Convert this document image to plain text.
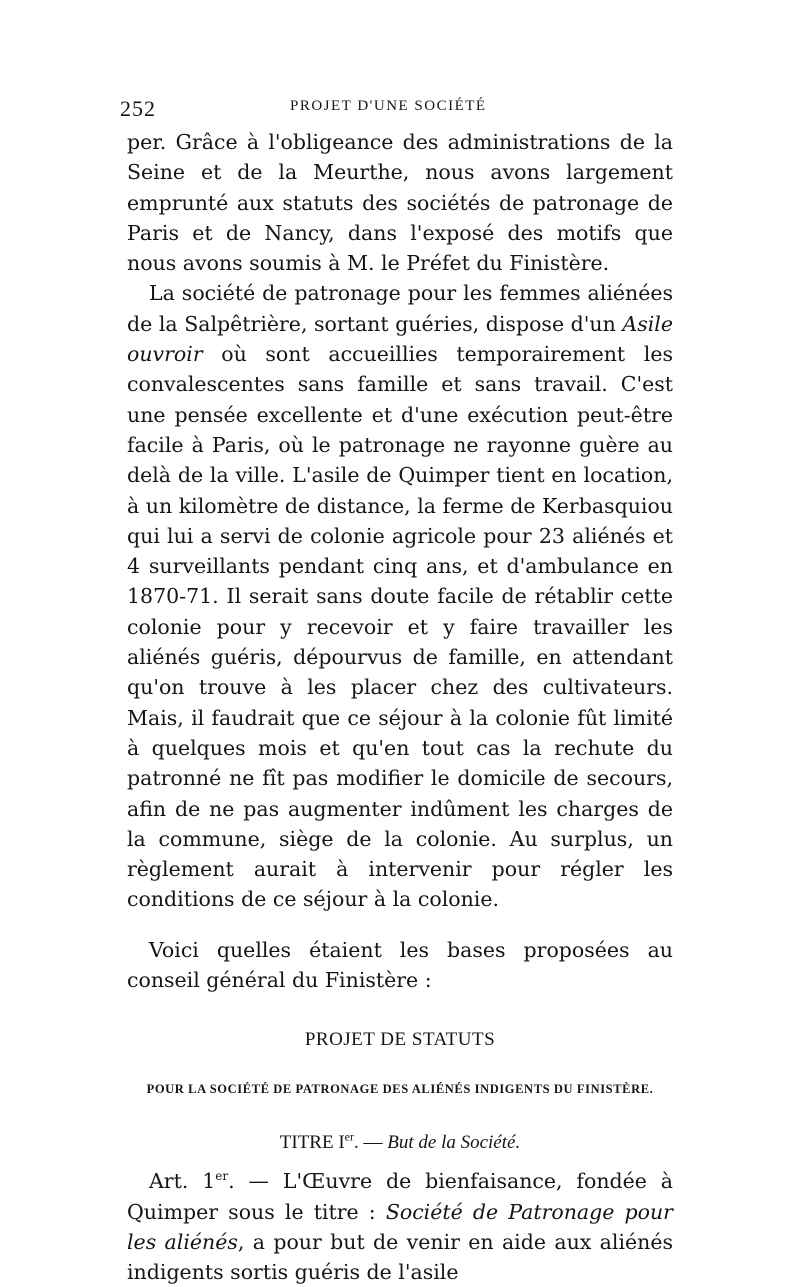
252	PROJET D'UNE SOCIÉTÉ

per. Grâce à l'obligeance des administrations de la Seine et de la Meurthe, nous avons largement emprunté aux statuts des sociétés de patronage de Paris et de Nancy, dans l'exposé des motifs que nous avons soumis à M. le Préfet du Finistère.

La société de patronage pour les femmes aliénées de la Salpêtrière, sortant guéries, dispose d'un Asile ouvroir où sont accueillies temporairement les convalescentes sans famille et sans travail. C'est une pensée excellente et d'une exécution peut-être facile à Paris, où le patronage ne rayonne guère au delà de la ville. L'asile de Quimper tient en location, à un kilomètre de distance, la ferme de Kerbasquiou qui lui a servi de colonie agricole pour 23 aliénés et 4 surveillants pendant cinq ans, et d'ambulance en 1870-71. Il serait sans doute facile de rétablir cette colonie pour y recevoir et y faire travailler les aliénés guéris, dépourvus de famille, en attendant qu'on trouve à les placer chez des cultivateurs. Mais, il faudrait que ce séjour à la colonie fût limité à quelques mois et qu'en tout cas la rechute du patronné ne fît pas modifier le domicile de secours, afin de ne pas augmenter indûment les charges de la commune, siège de la colonie. Au surplus, un règlement aurait à intervenir pour régler les conditions de ce séjour à la colonie.

Voici quelles étaient les bases proposées au conseil général du Finistère :

PROJET DE STATUTS

POUR LA SOCIÉTÉ DE PATRONAGE DES ALIÉNÉS INDIGENTS DU FINISTÈRE.

TITRE Ier. — But de la Société.

Art. 1er. — L'Œuvre de bienfaisance, fondée à Quimper sous le titre : Société de Patronage pour les aliénés, a pour but de venir en aide aux aliénés indigents sortis guéris de l'asile
